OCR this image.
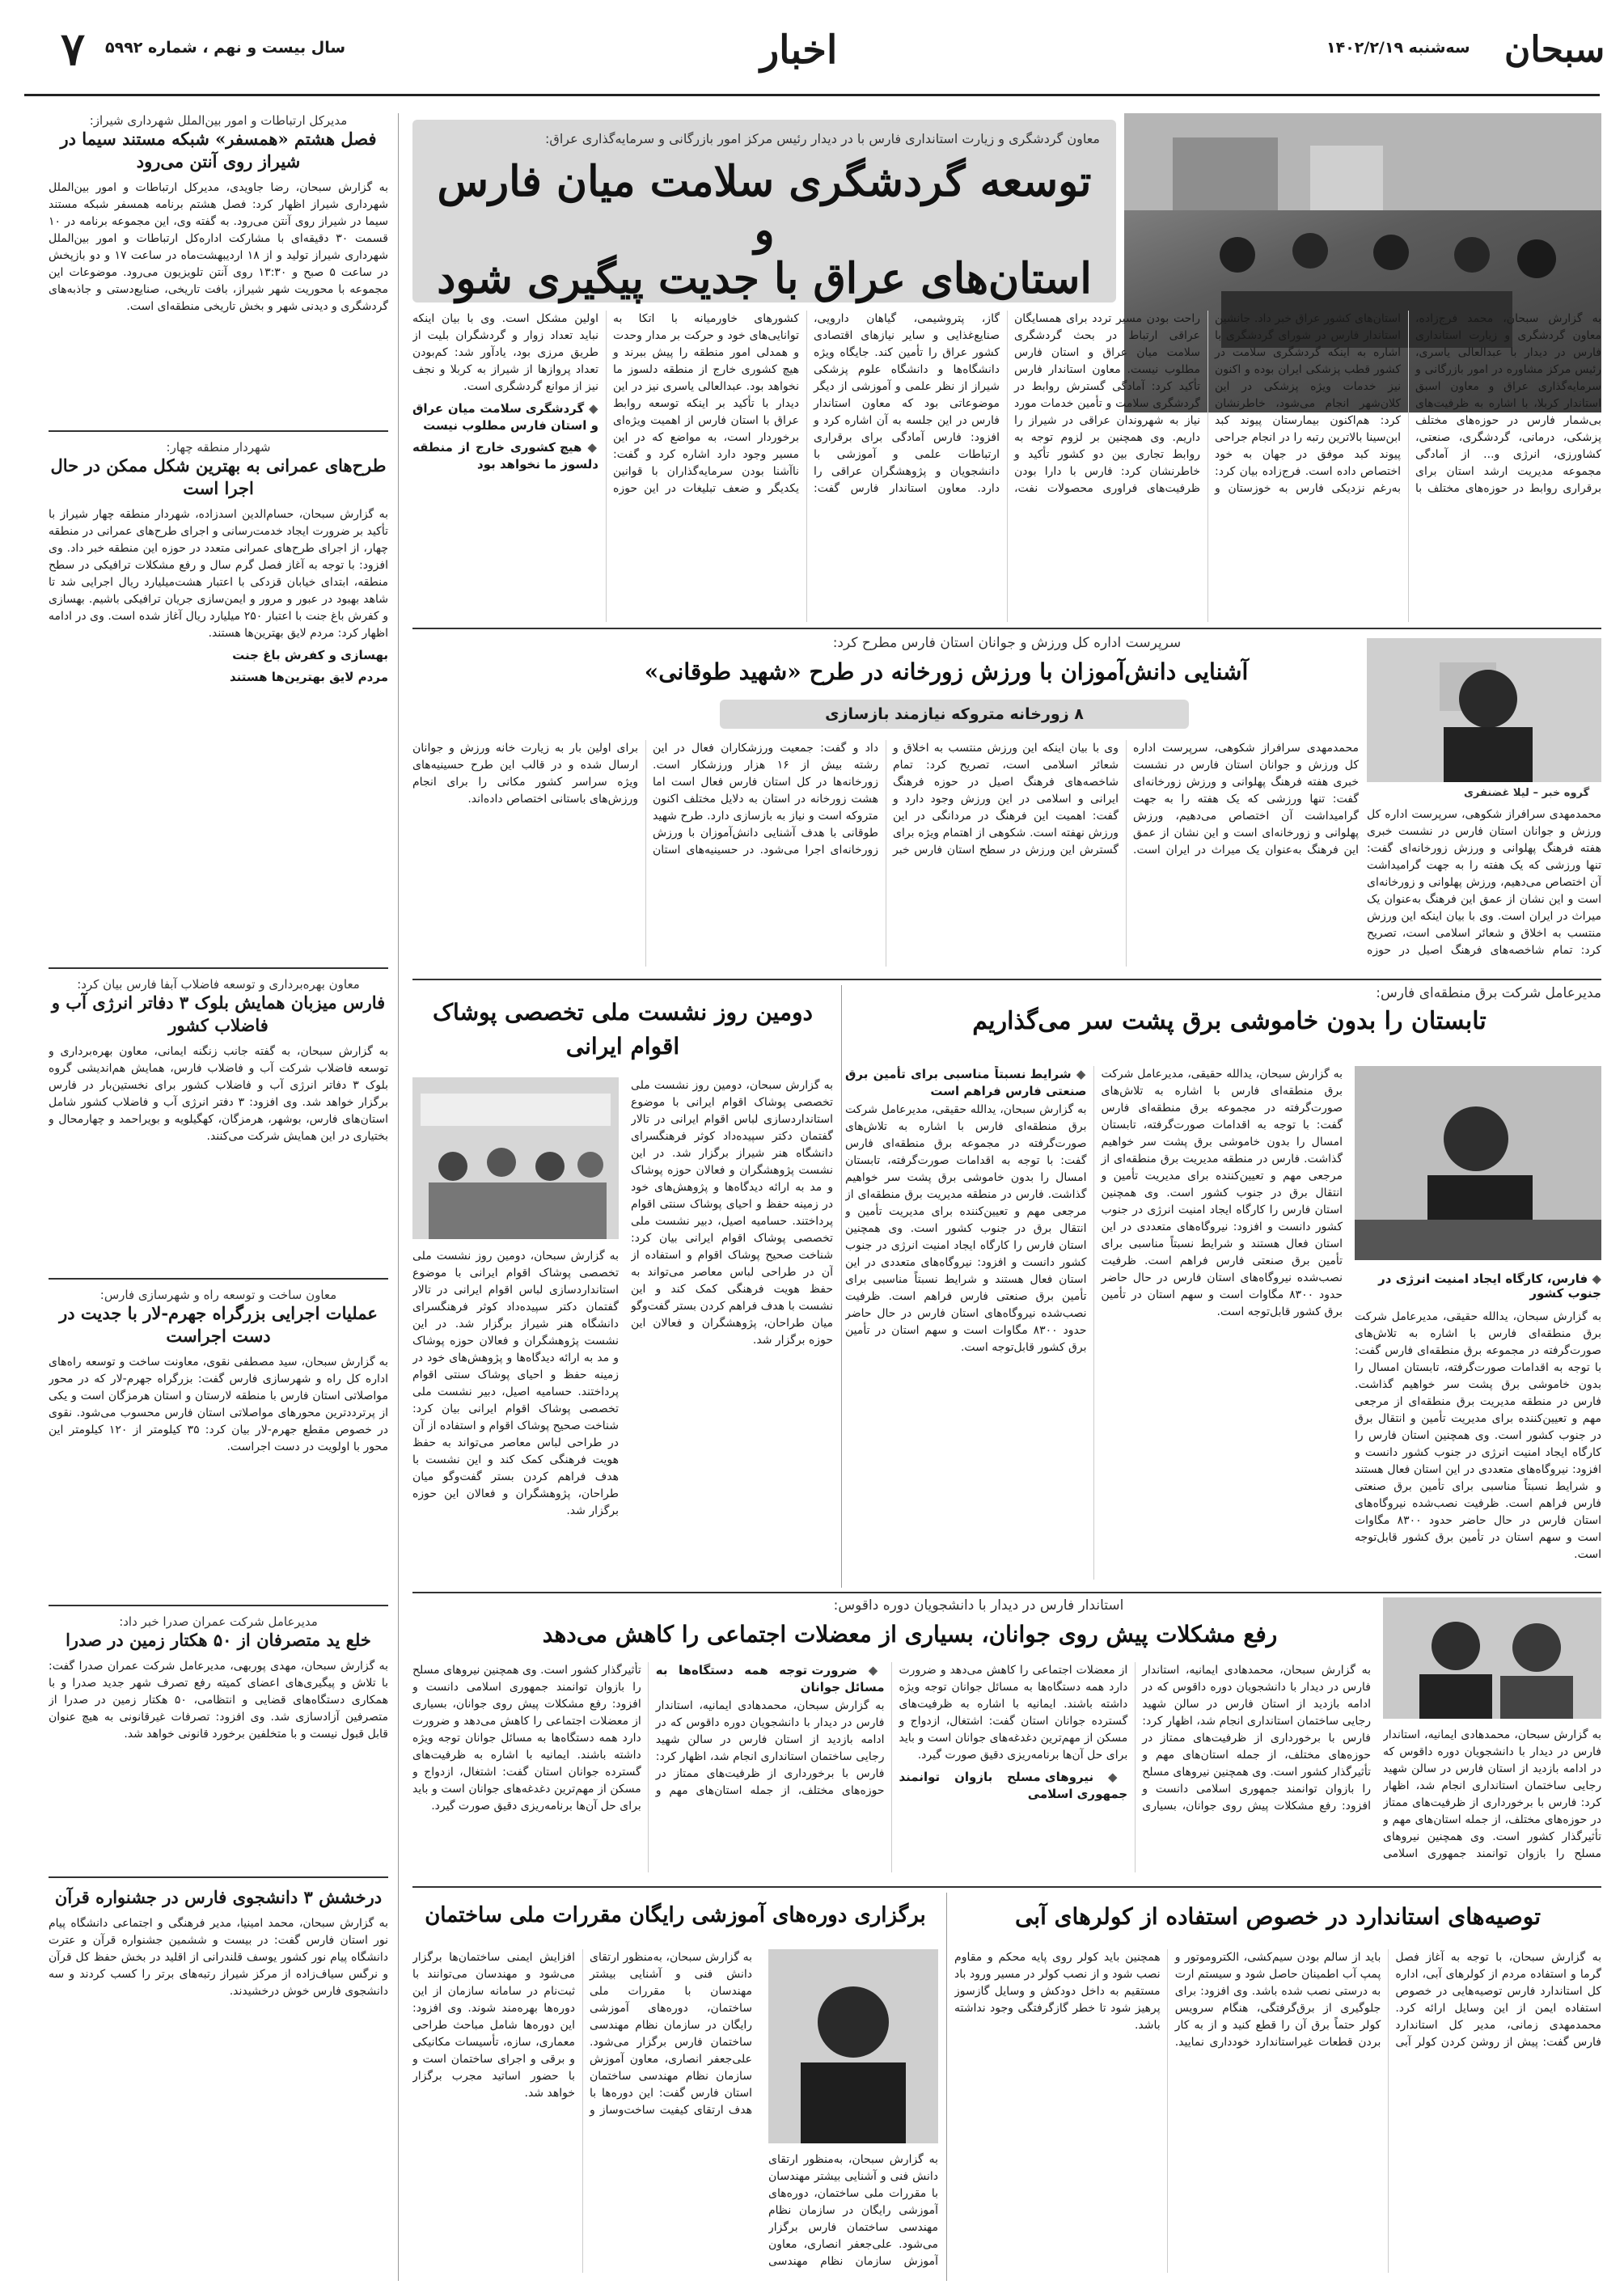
سبحان
سه‌شنبه ۱۴۰۲/۲/۱۹
اخبار
سال بیست و نهم ، شماره ۵۹۹۲
۷
مدیرکل ارتباطات و امور بین‌الملل شهرداری شیراز:
فصل هشتم «همسفر» شبکه مستند سیما در شیراز روی آنتن می‌رود
به گزارش سبحان، رضا جاویدی، مدیرکل ارتباطات و امور بین‌الملل شهرداری شیراز اظهار کرد: فصل هشتم برنامه همسفر شبکه مستند سیما در شیراز روی آنتن می‌رود. به گفته وی، این مجموعه برنامه در ۱۰ قسمت ۳۰ دقیقه‌ای با مشارکت اداره‌کل ارتباطات و امور بین‌الملل شهرداری شیراز تولید و از ۱۸ اردیبهشت‌ماه در ساعت ۱۷ و دو بازپخش در ساعت ۵ صبح و ۱۳:۳۰ روی آنتن تلویزیون می‌رود. موضوعات این مجموعه با محوریت شهر شیراز، بافت تاریخی، صنایع‌دستی و جاذبه‌های گردشگری و دیدنی شهر و بخش تاریخی منطقه‌ای است.
شهردار منطقه چهار:
طرح‌های عمرانی به بهترین شکل ممکن در حال اجرا است

به گزارش سبحان، حسام‌الدین اسدزاده، شهردار منطقه چهار شیراز با تأکید بر ضرورت ایجاد خدمت‌رسانی و اجرای طرح‌های عمرانی در منطقه چهار، از اجرای طرح‌های عمرانی متعدد در حوزه این منطقه خبر داد. وی افزود: با توجه به آغاز فصل گرم سال و رفع مشکلات ترافیکی در سطح منطقه، ابتدای خیابان قزدکی با اعتبار هشت‌میلیارد ریال اجرایی شد تا شاهد بهبود در عبور و مرور و ایمن‌سازی جریان ترافیکی باشیم. بهسازی و کفرش باغ جنت با اعتبار ۲۵۰ میلیارد ریال آغاز شده است. وی در ادامه اظهار کرد: مردم لایق بهترین‌ها هستند.

بهسازی و کفرش باغ جنت
مردم لایق بهترین‌ها هستند
معاون بهره‌برداری و توسعه فاضلاب آبفا فارس بیان کرد:
فارس میزبان همایش بلوک ۳ دفاتر انرژی آب و فاضلاب کشور
به گزارش سبحان، به گفته جانب زنگنه ایمانی، معاون بهره‌برداری و توسعه فاضلاب شرکت آب و فاضلاب فارس، همایش هم‌اندیشی گروه بلوک ۳ دفاتر انرژی آب و فاضلاب کشور برای نخستین‌بار در فارس برگزار خواهد شد. وی افزود: ۳ دفتر انرژی آب و فاضلاب کشور شامل استان‌های فارس، بوشهر، هرمزگان، کهگیلویه و بویراحمد و چهارمحال و بختیاری در این همایش شرکت می‌کنند.
معاون ساخت و توسعه راه و شهرسازی فارس:
عملیات اجرایی بزرگراه جهرم-لار با جدیت در دست اجراست
به گزارش سبحان، سید مصطفی نقوی، معاونت ساخت و توسعه راه‌های اداره کل راه و شهرسازی فارس گفت: بزرگراه جهرم-لار که در محور مواصلاتی استان فارس با منطقه لارستان و استان هرمزگان است و یکی از پرتردد‌ترین محورهای مواصلاتی استان فارس محسوب می‌شود. نقوی در خصوص مقطع جهرم-لار بیان کرد: ۳۵ کیلومتر از ۱۲۰ کیلومتر این محور با اولویت در دست اجراست.
مدیرعامل شرکت عمران صدرا خبر داد:
خلع ید متصرفان از ۵۰ هکتار زمین در صدرا
به گزارش سبحان، مهدی پوربهی، مدیرعامل شرکت عمران صدرا گفت: با تلاش و پیگیری‌های اعضای کمیته رفع تصرف شهر جدید صدرا و با همکاری دستگاه‌های قضایی و انتظامی، ۵۰ هکتار زمین در صدرا از متصرفین آزادسازی شد. وی افزود: تصرفات غیرقانونی به هیچ عنوان قابل قبول نیست و با متخلفین برخورد قانونی خواهد شد.
درخشش ۳ دانشجوی فارس در جشنواره قرآن
به گزارش سبحان، محمد امینیا، مدیر فرهنگی و اجتماعی دانشگاه پیام نور استان فارس گفت: در بیست و ششمین جشنواره قرآن و عترت دانشگاه پیام نور کشور یوسف قلندرانی از اقلید در بخش حفظ کل قرآن و نرگس سیاف‌زاده از مرکز شیراز رتبه‌های برتر را کسب کردند و سه دانشجوی فارس خوش درخشیدند.
معاون گردشگری و زیارت استانداری فارس با در دیدار رئیس مرکز امور بازرگانی و سرمایه‌گذاری عراق:
توسعه گردشگری سلامت میان فارس و
استان‌های عراق با جدیت پیگیری شود

به گزارش سبحان، محمد فرج‌زاده، معاون گردشگری و زیارت استانداری فارس در دیدار با عبدالعالی یاسری، رئیس مرکز مشاوره در امور بازرگانی و سرمایه‌گذاری عراق و معاون اسبق استاندار کربلا، با اشاره به ظرفیت‌های بی‌شمار فارس در حوزه‌های مختلف پزشکی، درمانی، گردشگری، صنعتی، کشاورزی، انرژی و... از آمادگی مجموعه مدیریت ارشد استان برای برقراری روابط در حوزه‌های مختلف با استان‌های کشور عراق خبر داد. جانشین استاندار فارس در شورای گردشگری با اشاره به اینکه گردشگری سلامت در کشور قطب پزشکی ایران بوده و اکنون نیز خدمات ویژه پزشکی در این کلان‌شهر انجام می‌شود، خاطرنشان کرد: هم‌اکنون بیمارستان پیوند کبد ابن‌سینا بالاترین رتبه را در انجام جراحی پیوند کبد موفق در جهان به خود اختصاص داده است. فرج‌زاده بیان کرد: به‌رغم نزدیکی فارس به خوزستان و راحت بودن مسیر تردد برای همسایگان عراقی ارتباط در بحث گردشگری سلامت میان عراق و استان فارس مطلوب نیست. معاون استاندار فارس تأکید کرد: آمادگی گسترش روابط در گردشگری سلامت و تأمین خدمات مورد نیاز به شهروندان عراقی در شیراز را داریم. وی همچنین بر لزوم توجه به روابط تجاری بین دو کشور تأکید و خاطرنشان کرد: فارس با دارا بودن ظرفیت‌های فراوری محصولات نفت، گاز، پتروشیمی، گیاهان دارویی، صنایع‌غذایی و سایر نیازهای اقتصادی کشور عراق را تأمین کند. جایگاه ویژه دانشگاه‌ها و دانشگاه علوم پزشکی شیراز از نظر علمی و آموزشی از دیگر موضوعاتی بود که معاون استاندار فارس در این جلسه به آن اشاره کرد و افزود: فارس آمادگی برای برقراری ارتباطات علمی و آموزشی با دانشجویان و پژوهشگران عراقی را دارد. معاون استاندار فارس گفت: کشورهای خاورمیانه با اتکا به توانایی‌های خود و حرکت بر مدار وحدت و همدلی امور منطقه را پیش ببرند و هیچ کشوری خارج از منطقه دلسوز ما نخواهد بود. عبدالعالی یاسری نیز در این دیدار با تأکید بر اینکه توسعه روابط عراق با استان فارس از اهمیت ویژه‌ای برخوردار است، به مواضع که در این مسیر وجود دارد اشاره کرد و گفت: ناآشنا بودن سرمایه‌گذاران با قوانین یکدیگر و ضعف تبلیغات در این حوزه اولین مشکل است. وی با بیان اینکه نباید تعداد زوار و گردشگران بلیت از طریق مرزی بود، یادآور شد: کم‌بودن تعداد پروازها از شیراز به کربلا و نجف نیز از موانع گردشگری است.

◆ گردشگری سلامت میان عراق و استان فارس مطلوب نیست
◆ هیچ کشوری خارج از منطقه دلسوز ما نخواهد بود
سرپرست اداره کل ورزش و جوانان استان فارس مطرح کرد:
آشنایی دانش‌آموزان با ورزش زورخانه در طرح «شهید طوقانی»
۸ زورخانه متروکه نیازمند بازسازی
گروه خبر – لیلا غضنفری
محمدمهدی سرافراز شکوهی، سرپرست اداره کل ورزش و جوانان استان فارس در نشست خبری هفته فرهنگ پهلوانی و ورزش زورخانه‌ای گفت: تنها ورزشی که یک هفته را به جهت گرامیداشت آن اختصاص می‌دهیم، ورزش پهلوانی و زورخانه‌ای است و این نشان از عمق این فرهنگ به‌عنوان یک میراث در ایران است. وی با بیان اینکه این ورزش منتسب به اخلاق و شعائر اسلامی است، تصریح کرد: تمام شاخصه‌های فرهنگ اصیل در حوزه فرهنگ ایرانی و اسلامی در این ورزش وجود دارد و گفت: اهمیت این فرهنگ در مردانگی در این ورزش نهفته است. شکوهی از اهتمام ویژه برای گسترش این ورزش در سطح استان فارس خبر داد و گفت: جمعیت ورزشکاران فعال در این رشته بیش از ۱۶ هزار ورزشکار است. زورخانه‌ها در کل استان فارس فعال است اما هشت زورخانه در استان به دلایل مختلف اکنون متروکه است و نیاز به بازسازی دارد. طرح شهید طوقانی با هدف آشنایی دانش‌آموزان با ورزش زورخانه‌ای اجرا می‌شود. در حسینیه‌های استان برای اولین بار به زیارت خانه ورزش و جوانان ارسال شده و در قالب این طرح حسینیه‌های ویژه سراسر کشور مکانی را برای انجام ورزش‌های باستانی اختصاص داده‌اند.

محمدمهدی سرافراز شکوهی، سرپرست اداره کل ورزش و جوانان استان فارس در نشست خبری هفته فرهنگ پهلوانی و ورزش زورخانه‌ای گفت: تنها ورزشی که یک هفته را به جهت گرامیداشت آن اختصاص می‌دهیم، ورزش پهلوانی و زورخانه‌ای است و این نشان از عمق این فرهنگ به‌عنوان یک میراث در ایران است. وی با بیان اینکه این ورزش منتسب به اخلاق و شعائر اسلامی است، تصریح کرد: تمام شاخصه‌های فرهنگ اصیل در حوزه

مدیرعامل شرکت برق منطقه‌ای فارس:
تابستان را بدون خاموشی برق پشت سر می‌گذاریم
◆ فارس، کارگاه ایجاد امنیت انرژی در جنوب کشور

به گزارش سبحان، یدالله حقیقی، مدیرعامل شرکت برق منطقه‌ای فارس با اشاره به تلاش‌های صورت‌گرفته در مجموعه برق منطقه‌ای فارس گفت: با توجه به اقدامات صورت‌گرفته، تابستان امسال را بدون خاموشی برق پشت سر خواهیم گذاشت. فارس در منطقه مدیریت برق منطقه‌ای از مرجعی مهم و تعیین‌کننده برای مدیریت تأمین و انتقال برق در جنوب کشور است. وی همچنین استان فارس را کارگاه ایجاد امنیت انرژی در جنوب کشور دانست و افزود: نیروگاه‌های متعددی در این استان فعال هستند و شرایط نسبتاً مناسبی برای تأمین برق صنعتی فارس فراهم است. ظرفیت نصب‌شده نیروگاه‌های استان فارس در حال حاضر حدود ۸۳۰۰ مگاوات است و سهم استان در تأمین برق کشور قابل‌توجه است.

به گزارش سبحان، یدالله حقیقی، مدیرعامل شرکت برق منطقه‌ای فارس با اشاره به تلاش‌های صورت‌گرفته در مجموعه برق منطقه‌ای فارس گفت: با توجه به اقدامات صورت‌گرفته، تابستان امسال را بدون خاموشی برق پشت سر خواهیم گذاشت. فارس در منطقه مدیریت برق منطقه‌ای از مرجعی مهم و تعیین‌کننده برای مدیریت تأمین و انتقال برق در جنوب کشور است. وی همچنین استان فارس را کارگاه ایجاد امنیت انرژی در جنوب کشور دانست و افزود: نیروگاه‌های متعددی در این استان فعال هستند و شرایط نسبتاً مناسبی برای تأمین برق صنعتی فارس فراهم است. ظرفیت نصب‌شده نیروگاه‌های استان فارس در حال حاضر حدود ۸۳۰۰ مگاوات است و سهم استان در تأمین برق کشور قابل‌توجه است.

◆ شرایط نسبتاً مناسبی برای تأمین برق صنعتی فارس فراهم است

به گزارش سبحان، یدالله حقیقی، مدیرعامل شرکت برق منطقه‌ای فارس با اشاره به تلاش‌های صورت‌گرفته در مجموعه برق منطقه‌ای فارس گفت: با توجه به اقدامات صورت‌گرفته، تابستان امسال را بدون خاموشی برق پشت سر خواهیم گذاشت. فارس در منطقه مدیریت برق منطقه‌ای از مرجعی مهم و تعیین‌کننده برای مدیریت تأمین و انتقال برق در جنوب کشور است. وی همچنین استان فارس را کارگاه ایجاد امنیت انرژی در جنوب کشور دانست و افزود: نیروگاه‌های متعددی در این استان فعال هستند و شرایط نسبتاً مناسبی برای تأمین برق صنعتی فارس فراهم است. ظرفیت نصب‌شده نیروگاه‌های استان فارس در حال حاضر حدود ۸۳۰۰ مگاوات است و سهم استان در تأمین برق کشور قابل‌توجه است.

دومین روز نشست ملی تخصصی پوشاک
اقوام ایرانی

به گزارش سبحان، دومین روز نشست ملی تخصصی پوشاک اقوام ایرانی با موضوع استانداردسازی لباس اقوام ایرانی در تالار گفتمان دکتر سپیده‌داد کوثر فرهنگسرای دانشگاه هنر شیراز برگزار شد. در این نشست پژوهشگران و فعالان حوزه پوشاک و مد به ارائه دیدگاه‌ها و پژوهش‌های خود در زمینه حفظ و احیای پوشاک سنتی اقوام پرداختند. حسامیه اصیل، دبیر نشست ملی تخصصی پوشاک اقوام ایرانی بیان کرد: شناخت صحیح پوشاک اقوام و استفاده از آن در طراحی لباس معاصر می‌تواند به حفظ هویت فرهنگی کمک کند و این نشست با هدف فراهم کردن بستر گفت‌وگو میان طراحان، پژوهشگران و فعالان این حوزه برگزار شد.

به گزارش سبحان، دومین روز نشست ملی تخصصی پوشاک اقوام ایرانی با موضوع استانداردسازی لباس اقوام ایرانی در تالار گفتمان دکتر سپیده‌داد کوثر فرهنگسرای دانشگاه هنر شیراز برگزار شد. در این نشست پژوهشگران و فعالان حوزه پوشاک و مد به ارائه دیدگاه‌ها و پژوهش‌های خود در زمینه حفظ و احیای پوشاک سنتی اقوام پرداختند. حسامیه اصیل، دبیر نشست ملی تخصصی پوشاک اقوام ایرانی بیان کرد: شناخت صحیح پوشاک اقوام و استفاده از آن در طراحی لباس معاصر می‌تواند به حفظ هویت فرهنگی کمک کند و این نشست با هدف فراهم کردن بستر گفت‌وگو میان طراحان، پژوهشگران و فعالان این حوزه برگزار شد.

استاندار فارس در دیدار با دانشجویان دوره داقوس:
رفع مشکلات پیش روی جوانان، بسیاری از معضلات اجتماعی را کاهش می‌دهد

به گزارش سبحان، محمدهادی ایمانیه، استاندار فارس در دیدار با دانشجویان دوره داقوس که در ادامه بازدید از استان فارس در سالن شهید رجایی ساختمان استانداری انجام شد، اظهار کرد: فارس با برخورداری از ظرفیت‌های ممتاز در حوزه‌های مختلف، از جمله استان‌های مهم و تأثیرگذار کشور است. وی همچنین نیروهای مسلح را بازوان توانمند جمهوری اسلامی

به گزارش سبحان، محمدهادی ایمانیه، استاندار فارس در دیدار با دانشجویان دوره داقوس که در ادامه بازدید از استان فارس در سالن شهید رجایی ساختمان استانداری انجام شد، اظهار کرد: فارس با برخورداری از ظرفیت‌های ممتاز در حوزه‌های مختلف، از جمله استان‌های مهم و تأثیرگذار کشور است. وی همچنین نیروهای مسلح را بازوان توانمند جمهوری اسلامی دانست و افزود: رفع مشکلات پیش روی جوانان، بسیاری از معضلات اجتماعی را کاهش می‌دهد و ضرورت دارد همه دستگاه‌ها به مسائل جوانان توجه ویژه داشته باشند. ایمانیه با اشاره به ظرفیت‌های گسترده جوانان استان گفت: اشتغال، ازدواج و مسکن از مهم‌ترین دغدغه‌های جوانان است و باید برای حل آن‌ها برنامه‌ریزی دقیق صورت گیرد.

◆ نیروهای مسلح بازوان توانمند جمهوری اسلامی
◆ ضرورت توجه همه دستگاه‌ها به مسائل جوانان

به گزارش سبحان، محمدهادی ایمانیه، استاندار فارس در دیدار با دانشجویان دوره داقوس که در ادامه بازدید از استان فارس در سالن شهید رجایی ساختمان استانداری انجام شد، اظهار کرد: فارس با برخورداری از ظرفیت‌های ممتاز در حوزه‌های مختلف، از جمله استان‌های مهم و تأثیرگذار کشور است. وی همچنین نیروهای مسلح را بازوان توانمند جمهوری اسلامی دانست و افزود: رفع مشکلات پیش روی جوانان، بسیاری از معضلات اجتماعی را کاهش می‌دهد و ضرورت دارد همه دستگاه‌ها به مسائل جوانان توجه ویژه داشته باشند. ایمانیه با اشاره به ظرفیت‌های گسترده جوانان استان گفت: اشتغال، ازدواج و مسکن از مهم‌ترین دغدغه‌های جوانان است و باید برای حل آن‌ها برنامه‌ریزی دقیق صورت گیرد.

توصیه‌های استاندارد در خصوص استفاده از کولرهای آبی
به گزارش سبحان، با توجه به آغاز فصل گرما و استفاده مردم از کولرهای آبی، اداره کل استاندارد فارس توصیه‌هایی در خصوص استفاده ایمن از این وسایل ارائه کرد. محمدمهدی زمانی، مدیر کل استاندارد فارس گفت: پیش از روشن کردن کولر آبی باید از سالم بودن سیم‌کشی، الکتروموتور و پمپ آب اطمینان حاصل شود و سیستم ارت به درستی نصب شده باشد. وی افزود: برای جلوگیری از برق‌گرفتگی، هنگام سرویس کولر حتماً برق آن را قطع کنید و از به کار بردن قطعات غیراستاندارد خودداری نمایید. همچنین باید کولر روی پایه محکم و مقاوم نصب شود و از نصب کولر در مسیر ورود باد مستقیم به داخل دودکش و وسایل گازسوز پرهیز شود تا خطر گازگرفتگی وجود نداشته باشد.
برگزاری دوره‌های آموزشی رایگان مقررات ملی ساختمان
به گزارش سبحان، به‌منظور ارتقای دانش فنی و آشنایی بیشتر مهندسان با مقررات ملی ساختمان، دوره‌های آموزشی رایگان در سازمان نظام مهندسی ساختمان فارس برگزار می‌شود. علی‌جعفر انصاری، معاون آموزش سازمان نظام مهندسی ساختمان استان فارس گفت: این دوره‌ها با هدف ارتقای کیفیت ساخت‌وساز و افزایش ایمنی ساختمان‌ها برگزار می‌شود و مهندسان می‌توانند با ثبت‌نام در سامانه سازمان از این دوره‌ها بهره‌مند شوند. وی افزود: این دوره‌ها شامل مباحث طراحی معماری، سازه، تأسیسات مکانیکی و برقی و اجرای ساختمان است و با حضور اساتید مجرب برگزار خواهد شد.

به گزارش سبحان، به‌منظور ارتقای دانش فنی و آشنایی بیشتر مهندسان با مقررات ملی ساختمان، دوره‌های آموزشی رایگان در سازمان نظام مهندسی ساختمان فارس برگزار می‌شود. علی‌جعفر انصاری، معاون آموزش سازمان نظام مهندسی
